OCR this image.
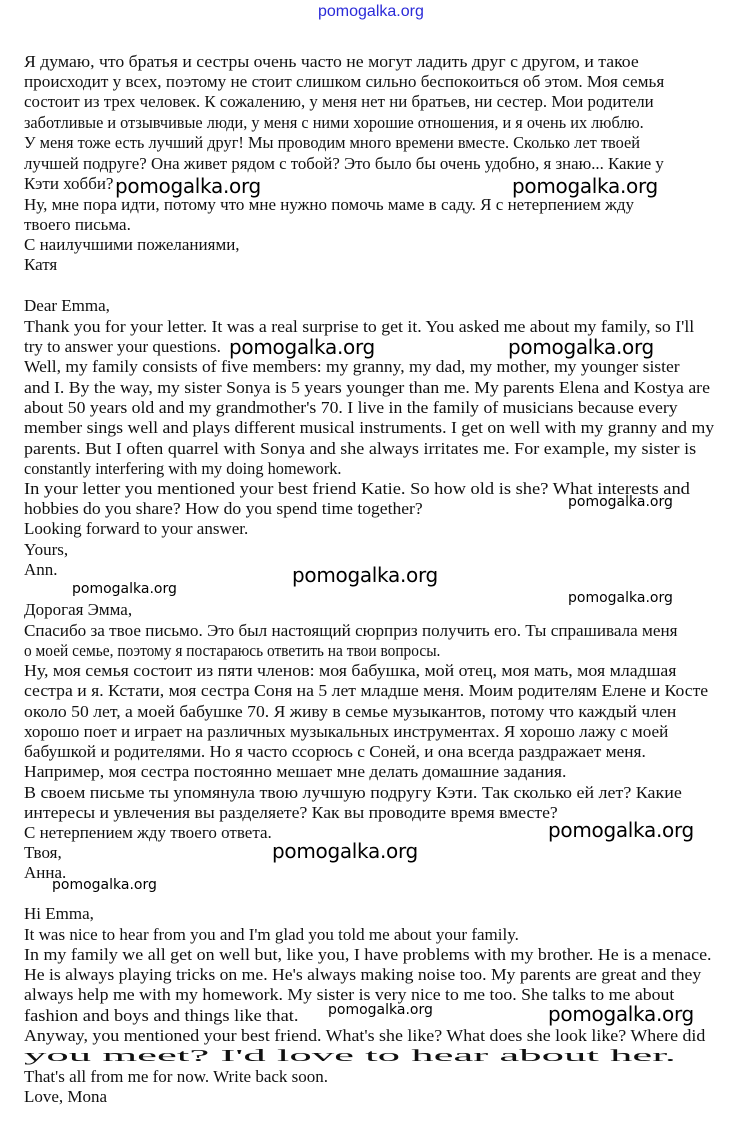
pomogalka.org
Я думаю, что братья и сестры очень часто не могут ладить друг с другом, и такое
происходит у всех, поэтому не стоит слишком сильно беспокоиться об этом. Моя семья
состоит из трех человек. К сожалению, у меня нет ни братьев, ни сестер. Мои родители
заботливые и отзывчивые люди, у меня с ними хорошие отношения, и я очень их люблю.
У меня тоже есть лучший друг! Мы проводим много времени вместе. Сколько лет твоей
лучшей подруге? Она живет рядом с тобой? Это было бы очень удобно, я знаю... Какие у
Кэти хобби?
Ну, мне пора идти, потому что мне нужно помочь маме в саду. Я с нетерпением жду
твоего письма.
С наилучшими пожеланиями,
Катя
Dear Emma,
Thank you for your letter. It was a real surprise to get it. You asked me about my family, so I'll
try to answer your questions.
Well, my family consists of five members: my granny, my dad, my mother, my younger sister
and I. By the way, my sister Sonya is 5 years younger than me. My parents Elena and Kostya are
about 50 years old and my grandmother's 70. I live in the family of musicians because every
member sings well and plays different musical instruments. I get on well with my granny and my
parents. But I often quarrel with Sonya and she always irritates me. For example, my sister is
constantly interfering with my doing homework.
In your letter you mentioned your best friend Katie. So how old is she? What interests and
hobbies do you share? How do you spend time together?
Looking forward to your answer.
Yours,
Ann.
Дорогая Эмма,
Спасибо за твое письмо. Это был настоящий сюрприз получить его. Ты спрашивала меня
о моей семье, поэтому я постараюсь ответить на твои вопросы.
Ну, моя семья состоит из пяти членов: моя бабушка, мой отец, моя мать, моя младшая
сестра и я. Кстати, моя сестра Соня на 5 лет младше меня. Моим родителям Елене и Косте
около 50 лет, а моей бабушке 70. Я живу в семье музыкантов, потому что каждый член
хорошо поет и играет на различных музыкальных инструментах. Я хорошо лажу с моей
бабушкой и родителями. Но я часто ссорюсь с Соней, и она всегда раздражает меня.
Например, моя сестра постоянно мешает мне делать домашние задания.
В своем письме ты упомянула твою лучшую подругу Кэти. Так сколько ей лет? Какие
интересы и увлечения вы разделяете? Как вы проводите время вместе?
С нетерпением жду твоего ответа.
Твоя,
Анна.
Hi Emma,
It was nice to hear from you and I'm glad you told me about your family.
In my family we all get on well but, like you, I have problems with my brother. He is a menace.
He is always playing tricks on me. He's always making noise too. My parents are great and they
always help me with my homework. My sister is very nice to me too. She talks to me about
fashion and boys and things like that.
Anyway, you mentioned your best friend. What's she like? What does she look like? Where did
you meet? I'd love to hear about her.
That's all from me for now. Write back soon.
Love, Mona
pomogalka.org	pomogalka.org
pomogalka.org	pomogalka.org
pomogalka.org
pomogalka.org
pomogalka.org
pomogalka.org
pomogalka.org
pomogalka.org
pomogalka.org
pomogalka.org	pomogalka.org
